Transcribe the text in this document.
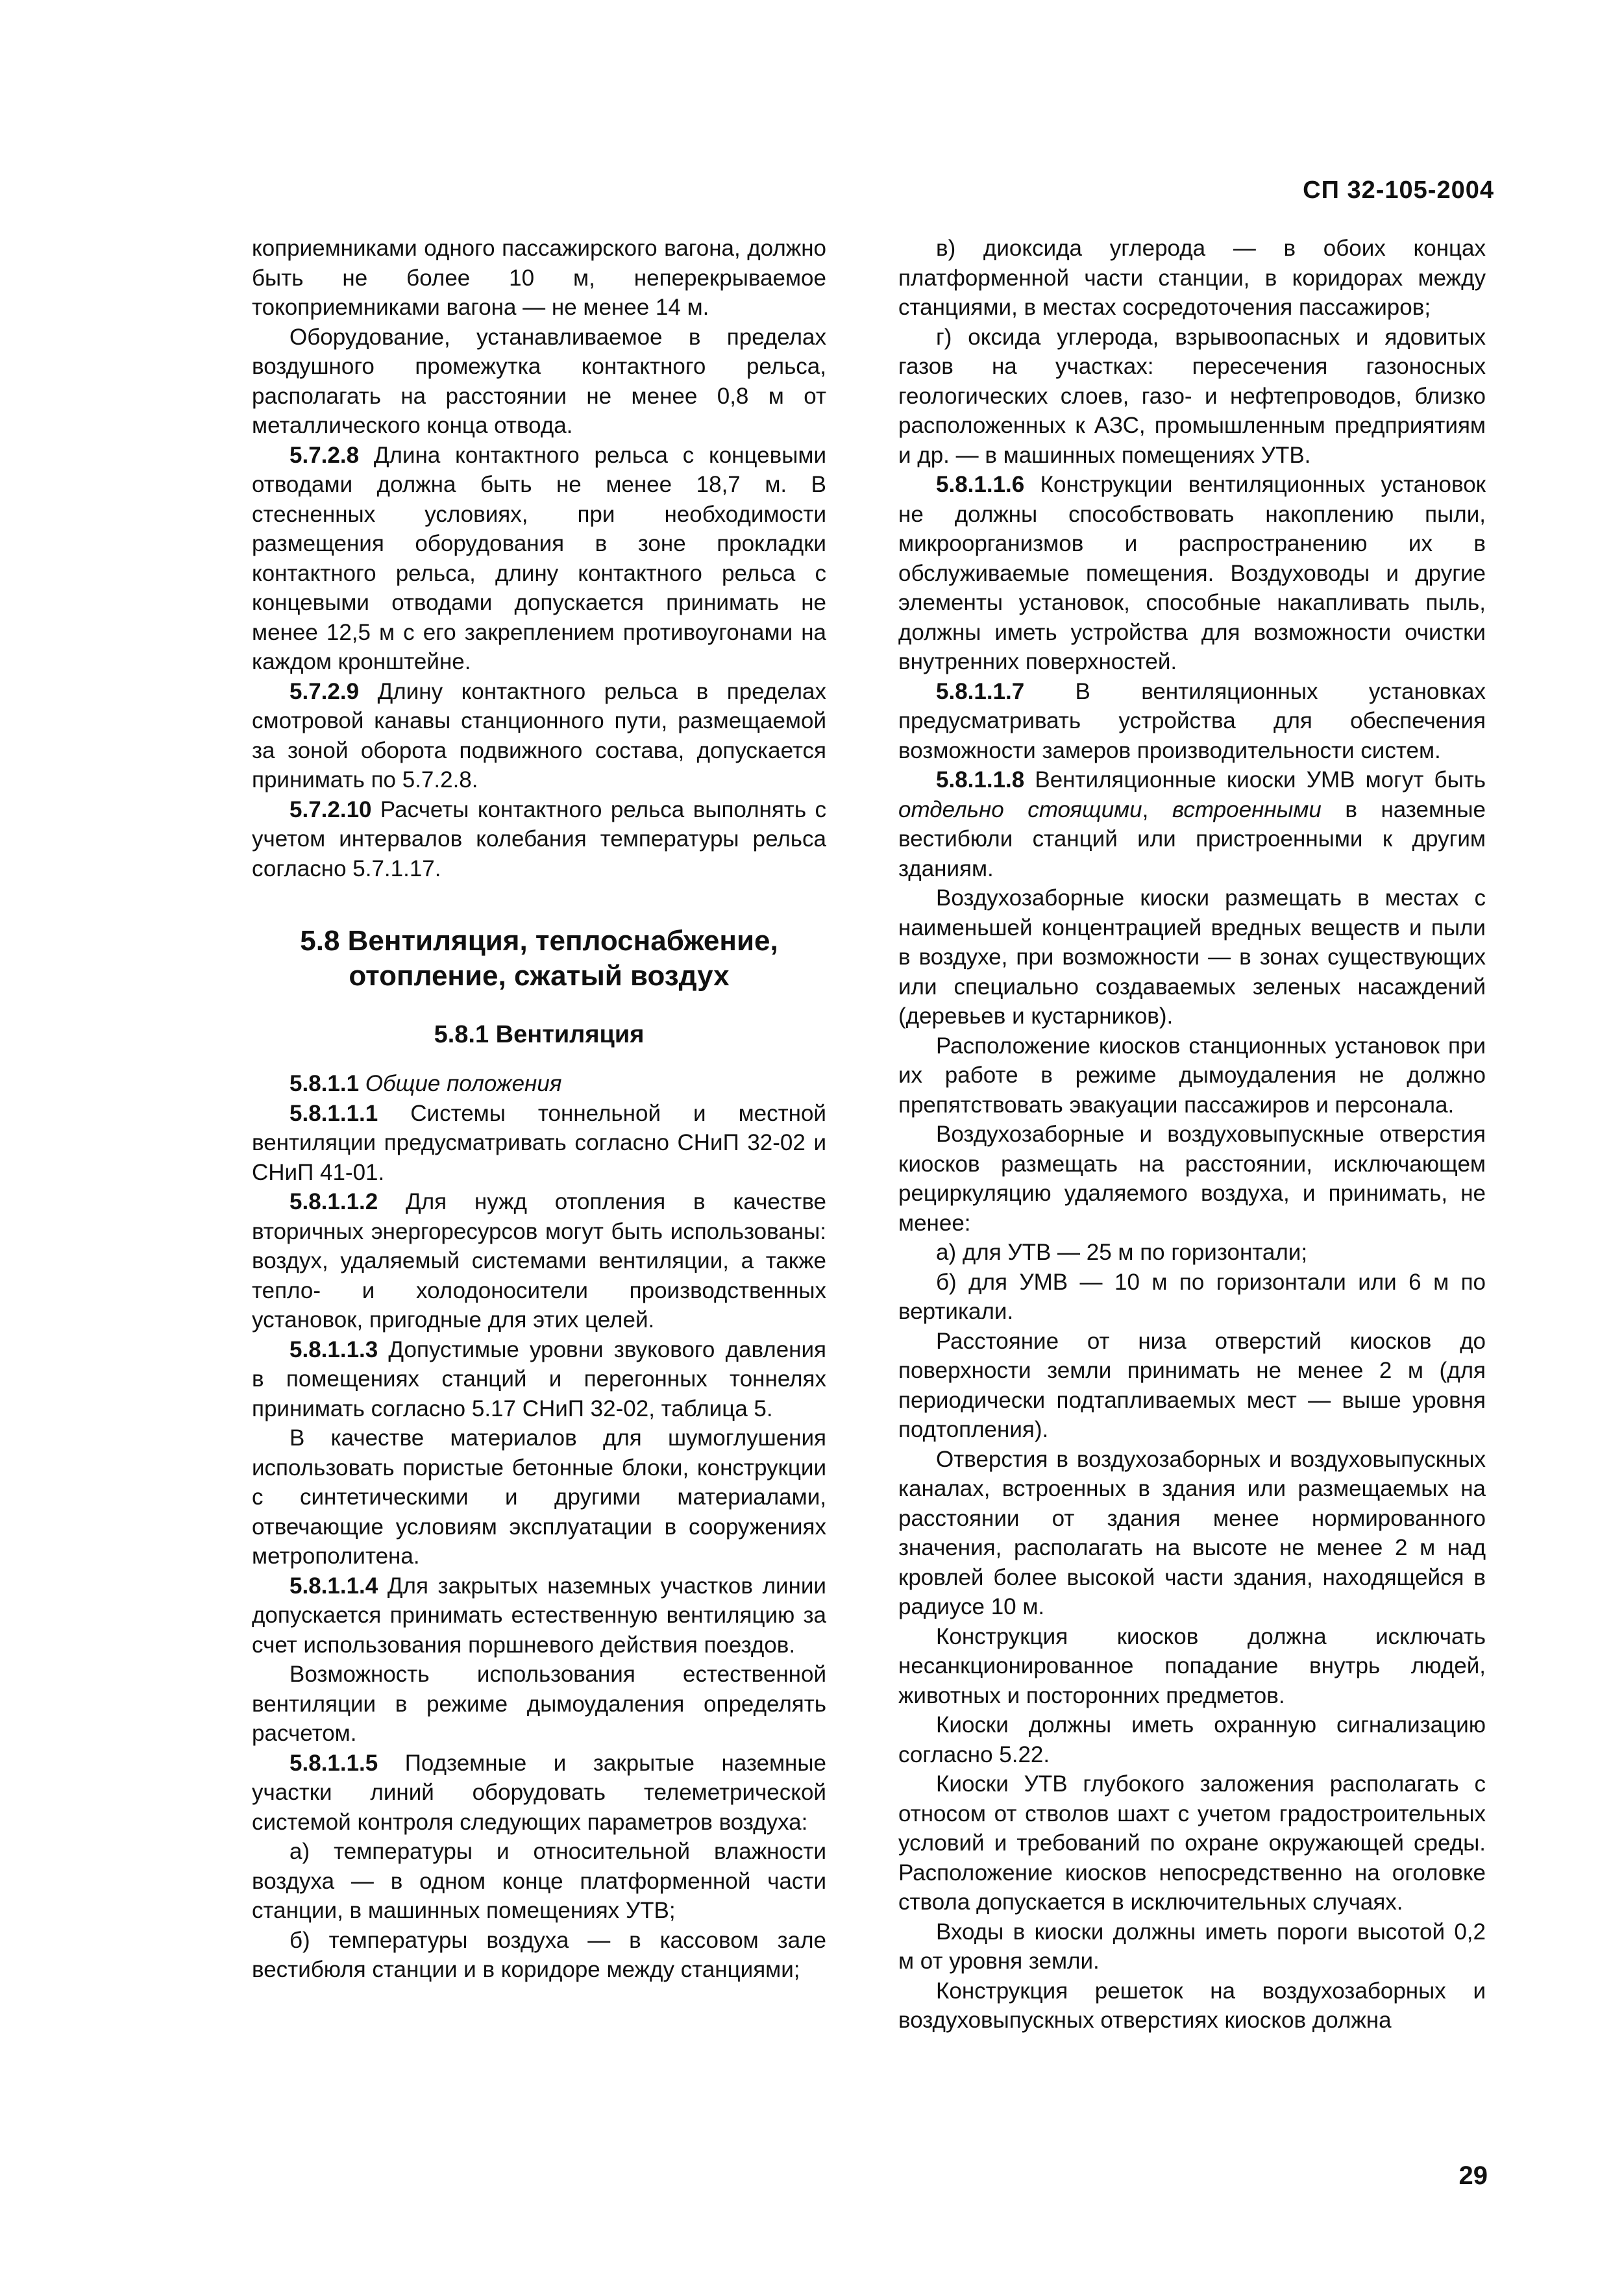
СП 32-105-2004

коприемниками одного пассажирского вагона, должно быть не более 10 м, неперекрываемое токоприемниками вагона — не менее 14 м.

Оборудование, устанавливаемое в пределах воздушного промежутка контактного рельса, располагать на расстоянии не менее 0,8 м от металлического конца отвода.

5.7.2.8 Длина контактного рельса с концевыми отводами должна быть не менее 18,7 м. В стесненных условиях, при необходимости размещения оборудования в зоне прокладки контактного рельса, длину контактного рельса с концевыми отводами допускается принимать не менее 12,5 м с его закреплением противоугонами на каждом кронштейне.

5.7.2.9 Длину контактного рельса в пределах смотровой канавы станционного пути, размещаемой за зоной оборота подвижного состава, допускается принимать по 5.7.2.8.

5.7.2.10 Расчеты контактного рельса выполнять с учетом интервалов колебания температуры рельса согласно 5.7.1.17.

5.8 Вентиляция, теплоснабжение,
отопление, сжатый воздух
5.8.1 Вентиляция

5.8.1.1 Общие положения

5.8.1.1.1 Системы тоннельной и местной вентиляции предусматривать согласно СНиП 32-02 и СНиП 41-01.

5.8.1.1.2 Для нужд отопления в качестве вторичных энергоресурсов могут быть использованы: воздух, удаляемый системами вентиляции, а также тепло- и холодоносители производственных установок, пригодные для этих целей.

5.8.1.1.3 Допустимые уровни звукового давления в помещениях станций и перегонных тоннелях принимать согласно 5.17 СНиП 32-02, таблица 5.

В качестве материалов для шумоглушения использовать пористые бетонные блоки, конструкции с синтетическими и другими материалами, отвечающие условиям эксплуатации в сооружениях метрополитена.

5.8.1.1.4 Для закрытых наземных участков линии допускается принимать естественную вентиляцию за счет использования поршневого действия поездов.

Возможность использования естественной вентиляции в режиме дымоудаления определять расчетом.

5.8.1.1.5 Подземные и закрытые наземные участки линий оборудовать телеметрической системой контроля следующих параметров воздуха:

а) температуры и относительной влажности воздуха — в одном конце платформенной части станции, в машинных помещениях УТВ;

б) температуры воздуха — в кассовом зале вестибюля станции и в коридоре между станциями;

в) диоксида углерода — в обоих концах платформенной части станции, в коридорах между станциями, в местах сосредоточения пассажиров;

г) оксида углерода, взрывоопасных и ядовитых газов на участках: пересечения газоносных геологических слоев, газо- и нефтепроводов, близко расположенных к АЗС, промышленным предприятиям и др. — в машинных помещениях УТВ.

5.8.1.1.6 Конструкции вентиляционных установок не должны способствовать накоплению пыли, микроорганизмов и распространению их в обслуживаемые помещения. Воздуховоды и другие элементы установок, способные накапливать пыль, должны иметь устройства для возможности очистки внутренних поверхностей.

5.8.1.1.7 В вентиляционных установках предусматривать устройства для обеспечения возможности замеров производительности систем.

5.8.1.1.8 Вентиляционные киоски УМВ могут быть отдельно стоящими, встроенными в наземные вестибюли станций или пристроенными к другим зданиям.

Воздухозаборные киоски размещать в местах с наименьшей концентрацией вредных веществ и пыли в воздухе, при возможности — в зонах существующих или специально создаваемых зеленых насаждений (деревьев и кустарников).

Расположение киосков станционных установок при их работе в режиме дымоудаления не должно препятствовать эвакуации пассажиров и персонала.

Воздухозаборные и воздуховыпускные отверстия киосков размещать на расстоянии, исключающем рециркуляцию удаляемого воздуха, и принимать, не менее:

а) для УТВ — 25 м по горизонтали;

б) для УМВ — 10 м по горизонтали или 6 м по вертикали.

Расстояние от низа отверстий киосков до поверхности земли принимать не менее 2 м (для периодически подтапливаемых мест — выше уровня подтопления).

Отверстия в воздухозаборных и воздуховыпускных каналах, встроенных в здания или размещаемых на расстоянии от здания менее нормированного значения, располагать на высоте не менее 2 м над кровлей более высокой части здания, находящейся в радиусе 10 м.

Конструкция киосков должна исключать несанкционированное попадание внутрь людей, животных и посторонних предметов.

Киоски должны иметь охранную сигнализацию согласно 5.22.

Киоски УТВ глубокого заложения располагать с относом от стволов шахт с учетом градостроительных условий и требований по охране окружающей среды. Расположение киосков непосредственно на оголовке ствола допускается в исключительных случаях.

Входы в киоски должны иметь пороги высотой 0,2 м от уровня земли.

Конструкция решеток на воздухозаборных и воздуховыпускных отверстиях киосков должна

29
